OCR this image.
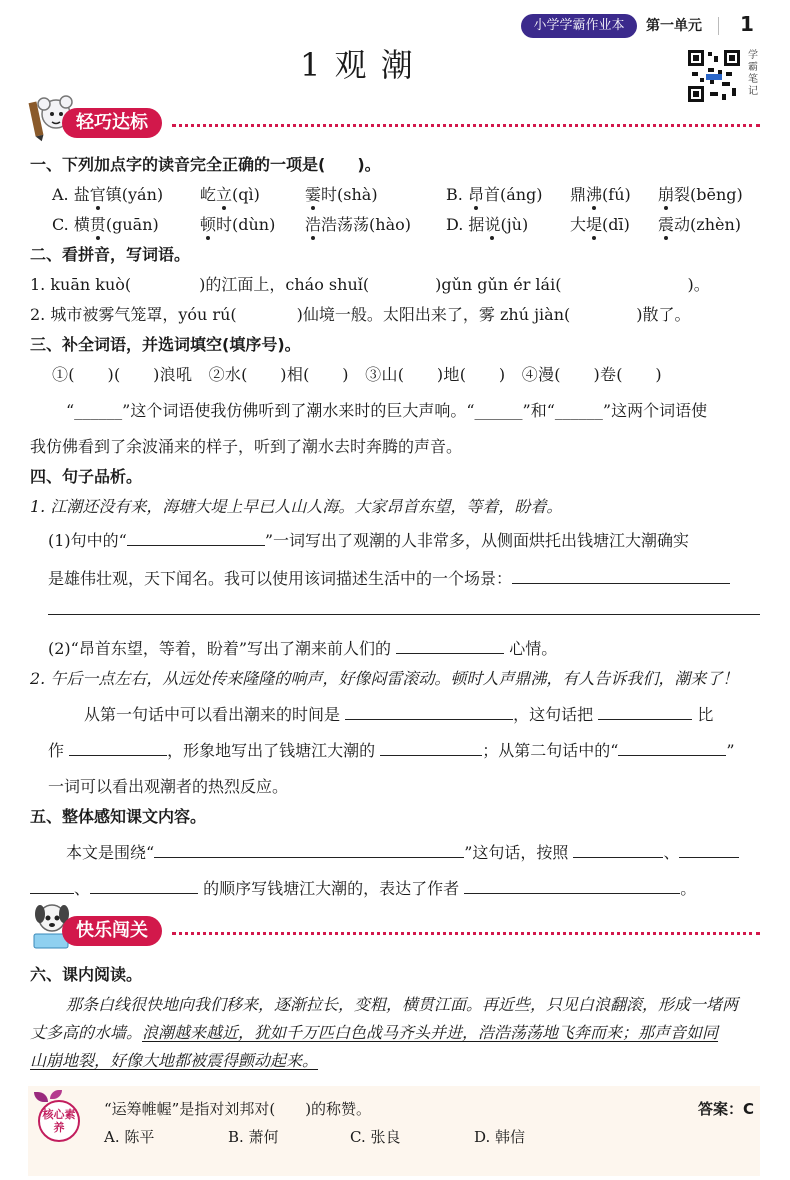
小学学霸作业本	第一单元 1
1 观 潮	学霸笔记
轻巧达标
一、下列加点字的读音完全正确的一项是(　　)。
A. 盐官镇(yán) 屹立(qì)	霎时(shà)	B. 昂首(áng) 鼎沸(fú) 崩裂(bēng)
C. 横贯(guān)	顿时(dùn) 浩浩荡荡(hào) D. 据说(jù)	大堤(dī) 震动(zhèn)
二、看拼音，写词语。
1. kuān kuò(	)的江面上，cháo shuǐ(	)gǔn gǔn ér lái(	)。
2. 城市被雾气笼罩，yóu rú(	)仙境一般。太阳出来了，雾 zhú jiàn(	)散了。
三、补全词语，并选词填空(填序号)。
①(　　)(　　)浪吼　②水(　　)相(　　)　③山(　　)地(　　)　④漫(　　)卷(　　)
“______”这个词语使我仿佛听到了潮水来时的巨大声响。“______”和“______”这两个词语使
我仿佛看到了余波涌来的样子，听到了潮水去时奔腾的声音。
四、句子品析。
1. 江潮还没有来，海塘大堤上早已人山人海。大家昂首东望，等着，盼着。
(1)句中的“	”一词写出了观潮的人非常多，从侧面烘托出钱塘江大潮确实
是雄伟壮观，天下闻名。我可以使用该词描述生活中的一个场景：
(2)“昂首东望，等着，盼着”写出了潮来前人们的	心情。
2. 午后一点左右，从远处传来隆隆的响声，好像闷雷滚动。顿时人声鼎沸，有人告诉我们，潮来了！
从第一句话中可以看出潮来的时间是	，这句话把	比
作	，形象地写出了钱塘江大潮的	；从第二句话中的“	”
一词可以看出观潮者的热烈反应。
五、整体感知课文内容。
本文是围绕“	”这句话，按照	、
、	的顺序写钱塘江大潮的，表达了作者	。
快乐闯关
六、课内阅读。
那条白线很快地向我们移来，逐渐拉长，变粗，横贯江面。再近些，只见白浪翻滚，形成一堵两
丈多高的水墙。浪潮越来越近，犹如千万匹白色战马齐头并进，浩浩荡荡地飞奔而来；那声音如同
山崩地裂，好像大地都被震得颤动起来。
核心素养
“运筹帷幄”是指对刘邦对(　　)的称赞。	答案：C
A. 陈平	B. 萧何	C. 张良	D. 韩信
